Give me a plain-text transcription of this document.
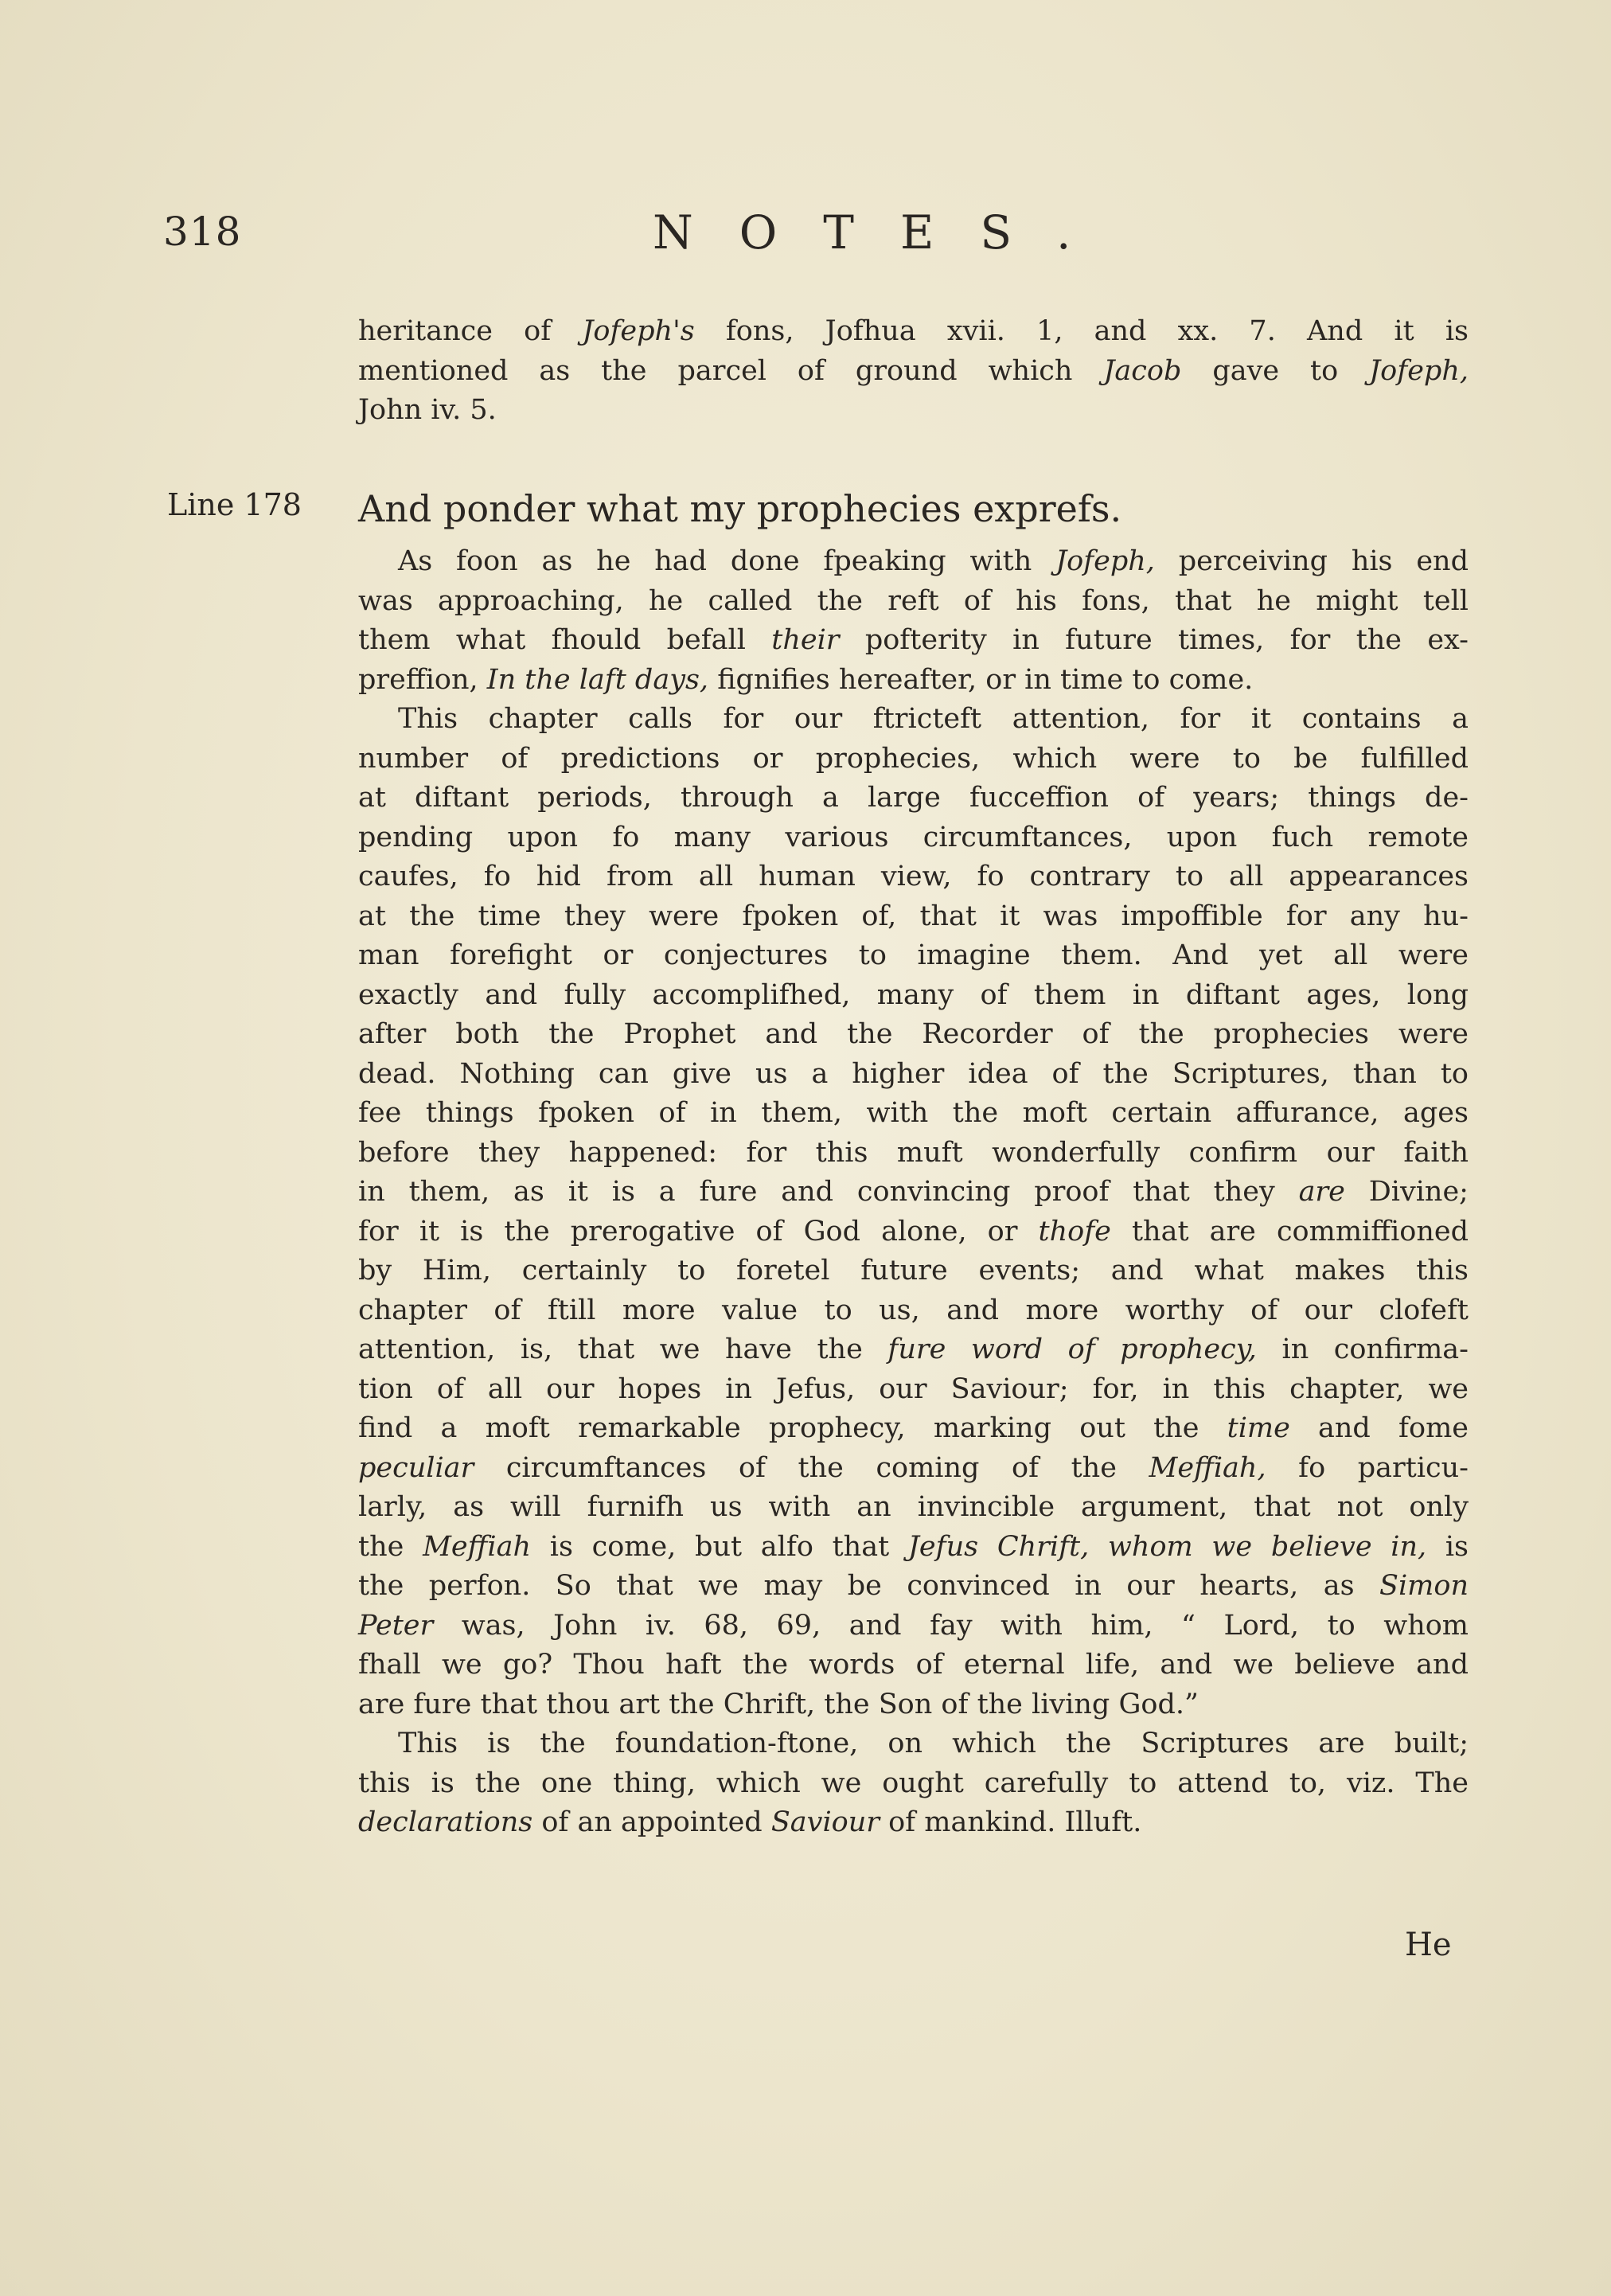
318	NOTES.
heritance of Jofeph's fons, Jofhua xvii. 1, and xx. 7. And it is
mentioned as the parcel of ground which Jacob gave to Jofeph,
John iv. 5.
Line 178 And ponder what my prophecies exprefs.
As foon as he had done fpeaking with Jofeph, perceiving his end
was approaching, he called the reft of his fons, that he might tell
them what fhould befall their pofterity in future times, for the ex-
preffion, In the laft days, fignifies hereafter, or in time to come.
This chapter calls for our ftricteft attention, for it contains a
number of predictions or prophecies, which were to be fulfilled
at diftant periods, through a large fucceffion of years; things de-
pending upon fo many various circumftances, upon fuch remote
caufes, fo hid from all human view, fo contrary to all appearances
at the time they were fpoken of, that it was impoffible for any hu-
man forefight or conjectures to imagine them. And yet all were
exactly and fully accomplifhed, many of them in diftant ages, long
after both the Prophet and the Recorder of the prophecies were
dead. Nothing can give us a higher idea of the Scriptures, than to
fee things fpoken of in them, with the moft certain affurance, ages
before they happened: for this muft wonderfully confirm our faith
in them, as it is a fure and convincing proof that they are Divine;
for it is the prerogative of God alone, or thofe that are commiffioned
by Him, certainly to foretel future events; and what makes this
chapter of ftill more value to us, and more worthy of our clofeft
attention, is, that we have the fure word of prophecy, in confirma-
tion of all our hopes in Jefus, our Saviour; for, in this chapter, we
find a moft remarkable prophecy, marking out the time and fome
peculiar circumftances of the coming of the Meffiah, fo particu-
larly, as will furnifh us with an invincible argument, that not only
the Meffiah is come, but alfo that Jefus Chrift, whom we believe in, is
the perfon. So that we may be convinced in our hearts, as Simon
Peter was, John iv. 68, 69, and fay with him, “ Lord, to whom
fhall we go? Thou haft the words of eternal life, and we believe and
are fure that thou art the Chrift, the Son of the living God.”
This is the foundation-ftone, on which the Scriptures are built;
this is the one thing, which we ought carefully to attend to, viz. The
declarations of an appointed Saviour of mankind. Illuft.
He
